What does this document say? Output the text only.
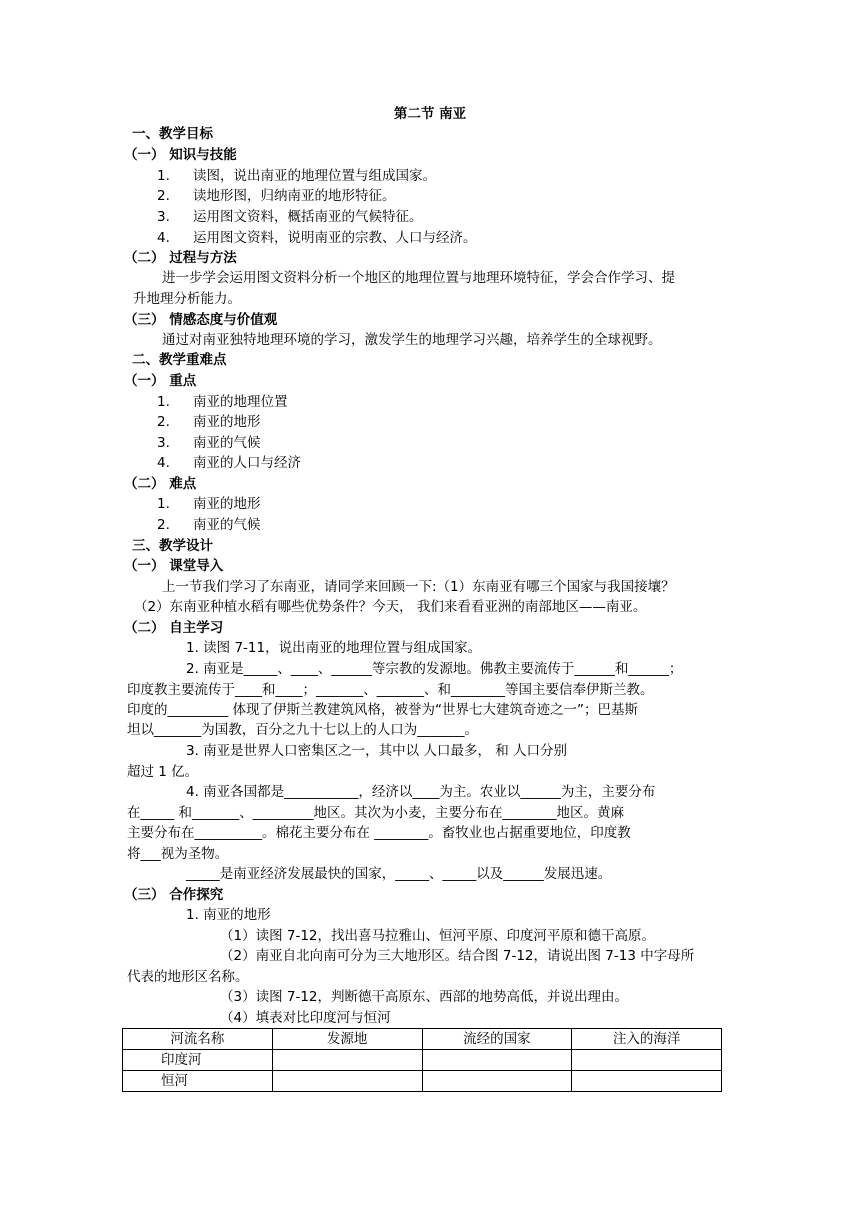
第二节 南亚
一、教学目标
（一） 知识与技能
1. 读图，说出南亚的地理位置与组成国家。
2. 读地形图，归纳南亚的地形特征。
3. 运用图文资料，概括南亚的气候特征。
4. 运用图文资料，说明南亚的宗教、人口与经济。
（二） 过程与方法
进一步学会运用图文资料分析一个地区的地理位置与地理环境特征，学会合作学习、提
升地理分析能力。
（三） 情感态度与价值观
通过对南亚独特地理环境的学习，激发学生的地理学习兴趣，培养学生的全球视野。
二、教学重难点
（一） 重点
1. 南亚的地理位置
2. 南亚的地形
3. 南亚的气候
4. 南亚的人口与经济
（二） 难点
1. 南亚的地形
2. 南亚的气候
三、教学设计
（一） 课堂导入
上一节我们学习了东南亚，请同学来回顾一下:（1）东南亚有哪三个国家与我国接壤？
（2）东南亚种植水稻有哪些优势条件？今天， 我们来看看亚洲的南部地区——南亚。
（二） 自主学习
1. 读图 7-11，说出南亚的地理位置与组成国家。
2. 南亚是_____、____、______等宗教的发源地。佛教主要流传于______和______；
印度教主要流传于____和____；_______、_______、和________等国主要信奉伊斯兰教。
印度的_________ 体现了伊斯兰教建筑风格，被誉为“世界七大建筑奇迹之一”；巴基斯
坦以_______为国教，百分之九十七以上的人口为_______。
3. 南亚是世界人口密集区之一，其中以 人口最多， 和 人口分别
超过 1 亿。
4. 南亚各国都是___________，经济以____为主。农业以______为主，主要分布
在_____ 和_______、_________地区。其次为小麦，主要分布在________地区。黄麻
主要分布在__________。棉花主要分布在 ________。畜牧业也占据重要地位，印度教
将___视为圣物。
_____是南亚经济发展最快的国家，_____、_____以及______发展迅速。
（三） 合作探究
1. 南亚的地形
（1）读图 7-12，找出喜马拉雅山、恒河平原、印度河平原和德干高原。
（2）南亚自北向南可分为三大地形区。结合图 7-12，请说出图 7-13 中字母所
代表的地形区名称。
（3）读图 7-12，判断德干高原东、西部的地势高低，并说出理由。
（4）填表对比印度河与恒河
河流名称	发源地	流经的国家	注入的海洋
印度河			
恒河			
